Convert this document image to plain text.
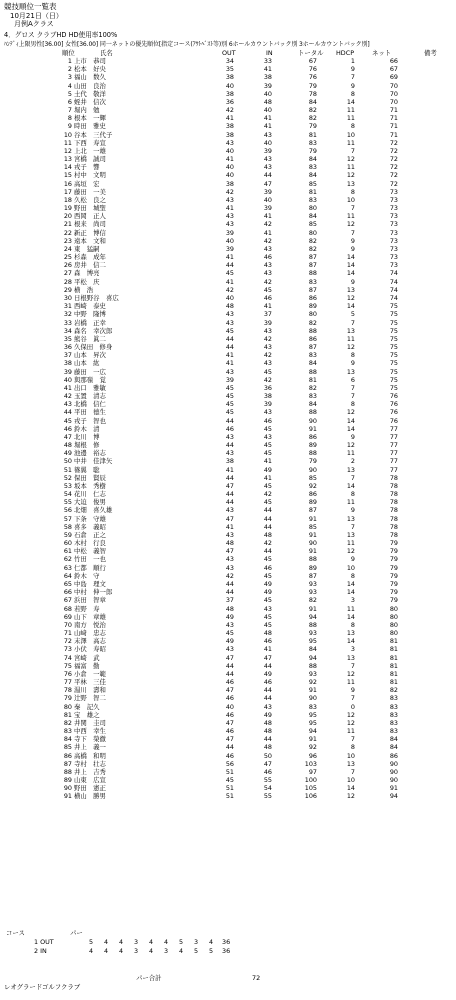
競技順位一覧表
10月21日（日）
月例Aクラス
4．グロス クラブHD HD使用率100%
ﾊﾝﾃﾞｨ上限男性[36.00] 女性[36.00] 同一ネットの優先順位[指定コース(ｱｳﾄﾍﾞｽﾄ等)別 6ホールカウントバック別 3ホールカウントバック別]
順位	氏名	OUT	IN	トータル HDCP	ネット	備考
1 上市　恭司	34	33	67	1	66
2 松本　好央	35	41	76	9	67
3 福山　数久	38	38	76	7	69
4 山田　良治	40	39	79	9	70
5 土代　敬洋	38	40	78	8	70
6 蛭井　信次	36	48	84	14	70
7 堀内　勉	42	40	82	11	71
8 根本　一輝	41	41	82	11	71
9 時田　雅史	38	41	79	8	71
10 谷本　三代子	38	43	81	10	71
11 下西　寿宣	43	40	83	11	72
12 上北　一雄	40	39	79	7	72
13 宮橋　誠司	41	43	84	12	72
14 戎子　響	40	43	83	11	72
15 村中　文明	40	44	84	12	72
16 高垣　宏	38	47	85	13	72
17 藤田　一美	42	39	81	8	73
18 久松　良之	43	40	83	10	73
19 野田　城聖	41	39	80	7	73
20 西岡　正人	43	41	84	11	73
21 根来　尚司	43	42	85	12	73
22 新正　博信	39	41	80	7	73
23 遠本　文和	40	42	82	9	73
24 東　猛嗣	39	43	82	9	73
25 杉森　成年	41	46	87	14	73
26 房井　信二	44	43	87	14	73
27 森　博亮	45	43	88	14	74
28 平松　庆	41	42	83	9	74
29 横　浩	42	45	87	13	74
30 日根野谷　喜広	40	46	86	12	74
31 西崎　泰史	48	41	89	14	75
32 中野　隆博	43	37	80	5	75
33 岩橋　正幸	43	39	82	7	75
34 森名　幸次郎	45	43	88	13	75
35 熊谷　眞二	44	42	86	11	75
36 久保田　修身	44	43	87	12	75
37 山本　昇次	41	42	83	8	75
38 山本　紘	41	43	84	9	75
39 藤田　一広	43	45	88	13	75
40 與那嶺　覚	39	42	81	6	75
41 出口　雅敏	45	36	82	7	75
42 玉置　清志	45	38	83	7	76
43 北橋　信仁	45	39	84	8	76
44 平田　德生	45	43	88	12	76
45 戎子　智也	44	46	90	14	76
46 鈴木　清	46	45	91	14	77
47 北川　博	43	43	86	9	77
48 堀根　修	44	45	89	12	77
49 池邊　裕志	43	45	88	11	77
50 中井　佳津矢	38	41	79	2	77
51 篠翼　聡	41	49	90	13	77
52 保田　賢辰	44	41	85	7	78
53 坂本　秀樹	47	45	92	14	78
54 花川　仁志	44	42	86	8	78
55 大迫　俊男	44	45	89	11	78
56 北畑　喜久雄	43	44	87	9	78
57 下条　守雄	47	44	91	13	78
58 喜多　義昭	41	44	85	7	78
59 石倉　正之	43	48	91	13	78
60 木村　行良	48	42	90	11	79
61 中松　義智	47	44	91	12	79
62 竹田　一也	43	45	88	9	79
63 仁都　順行	43	46	89	10	79
64 鈴木　守	42	45	87	8	79
65 中島　理文	44	49	93	14	79
66 中村　伸一郎	44	49	93	14	79
67 浜田　智章	37	45	82	3	79
68 若野　寿	48	43	91	11	80
69 山下　章雄	49	45	94	14	80
70 南方　悦治	43	45	88	8	80
71 山﨑　忠志	45	48	93	13	80
72 末澤　高志	49	46	95	14	81
73 小伏　寿昭	43	41	84	3	81
74 宮崎　武	47	47	94	13	81
75 福富　勤	44	44	88	7	81
76 小倉　一範	44	49	93	12	81
77 平林　三佳	46	46	92	11	81
78 湯川　壽和	47	44	91	9	82
79 辻野　智二	46	44	90	7	83
80 秦　記久	40	43	83	0	83
81 宝　雄之	46	49	95	12	83
82 井関　圭司	47	48	95	12	83
83 中西　幸生	46	48	94	11	83
84 寺下　榮徹	47	44	91	7	84
85 井上　義一	44	48	92	8	84
86 高橋　和明	46	50	96	10	86
87 寺村　壮志	56	47	103	13	90
88 井上　吉秀	51	46	97	7	90
89 山東　広宣	45	55	100	10	90
90 野田　憲正	51	54	105	14	91
91 横山　勝男	51	55	106	12	94
コース	パー
1 OUT	5	4	4	3	4	4	5	3	4	36
2 IN	4	4	4	3	4	3	4	5	5	36
パー合計	72
レオグラードゴルフクラブ
